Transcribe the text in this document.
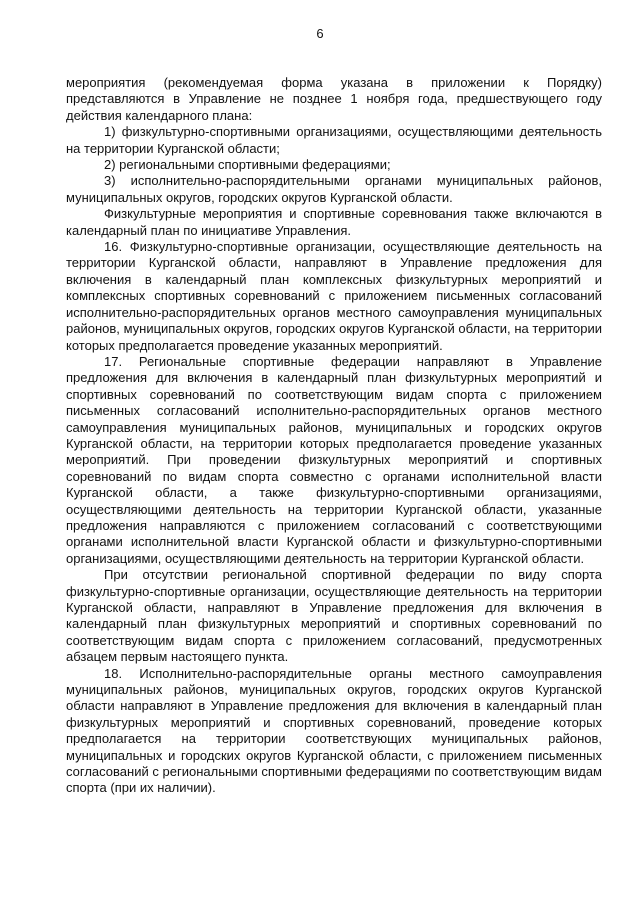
6

мероприятия (рекомендуемая форма указана в приложении к Порядку) представляются в Управление не позднее 1 ноября года, предшествующего году действия календарного плана:

1) физкультурно-спортивными организациями, осуществляющими деятельность на территории Курганской области;

2) региональными спортивными федерациями;

3) исполнительно-распорядительными органами муниципальных районов, муниципальных округов, городских округов Курганской области.

Физкультурные мероприятия и спортивные соревнования также включаются в календарный план по инициативе Управления.

16. Физкультурно-спортивные организации, осуществляющие деятельность на территории Курганской области, направляют в Управление предложения для включения в календарный план комплексных физкультурных мероприятий и комплексных спортивных соревнований с приложением письменных согласований исполнительно-распорядительных органов местного самоуправления муниципальных районов, муниципальных округов, городских округов Курганской области, на территории которых предполагается проведение указанных мероприятий.

17. Региональные спортивные федерации направляют в Управление предложения для включения в календарный план физкультурных мероприятий и спортивных соревнований по соответствующим видам спорта с приложением письменных согласований исполнительно-распорядительных органов местного самоуправления муниципальных районов, муниципальных и городских округов Курганской области, на территории которых предполагается проведение указанных мероприятий. При проведении физкультурных мероприятий и спортивных соревнований по видам спорта совместно с органами исполнительной власти Курганской области, а также физкультурно-спортивными организациями, осуществляющими деятельность на территории Курганской области, указанные предложения направляются с приложением согласований с соответствующими органами исполнительной власти Курганской области и физкультурно-спортивными организациями, осуществляющими деятельность на территории Курганской области.

При отсутствии региональной спортивной федерации по виду спорта физкультурно-спортивные организации, осуществляющие деятельность на территории Курганской области, направляют в Управление предложения для включения в календарный план физкультурных мероприятий и спортивных соревнований по соответствующим видам спорта с приложением согласований, предусмотренных абзацем первым настоящего пункта.

18. Исполнительно-распорядительные органы местного самоуправления муниципальных районов, муниципальных округов, городских округов Курганской области направляют в Управление предложения для включения в календарный план физкультурных мероприятий и спортивных соревнований, проведение которых предполагается на территории соответствующих муниципальных районов, муниципальных и городских округов Курганской области, с приложением письменных согласований с региональными спортивными федерациями по соответствующим видам спорта (при их наличии).
